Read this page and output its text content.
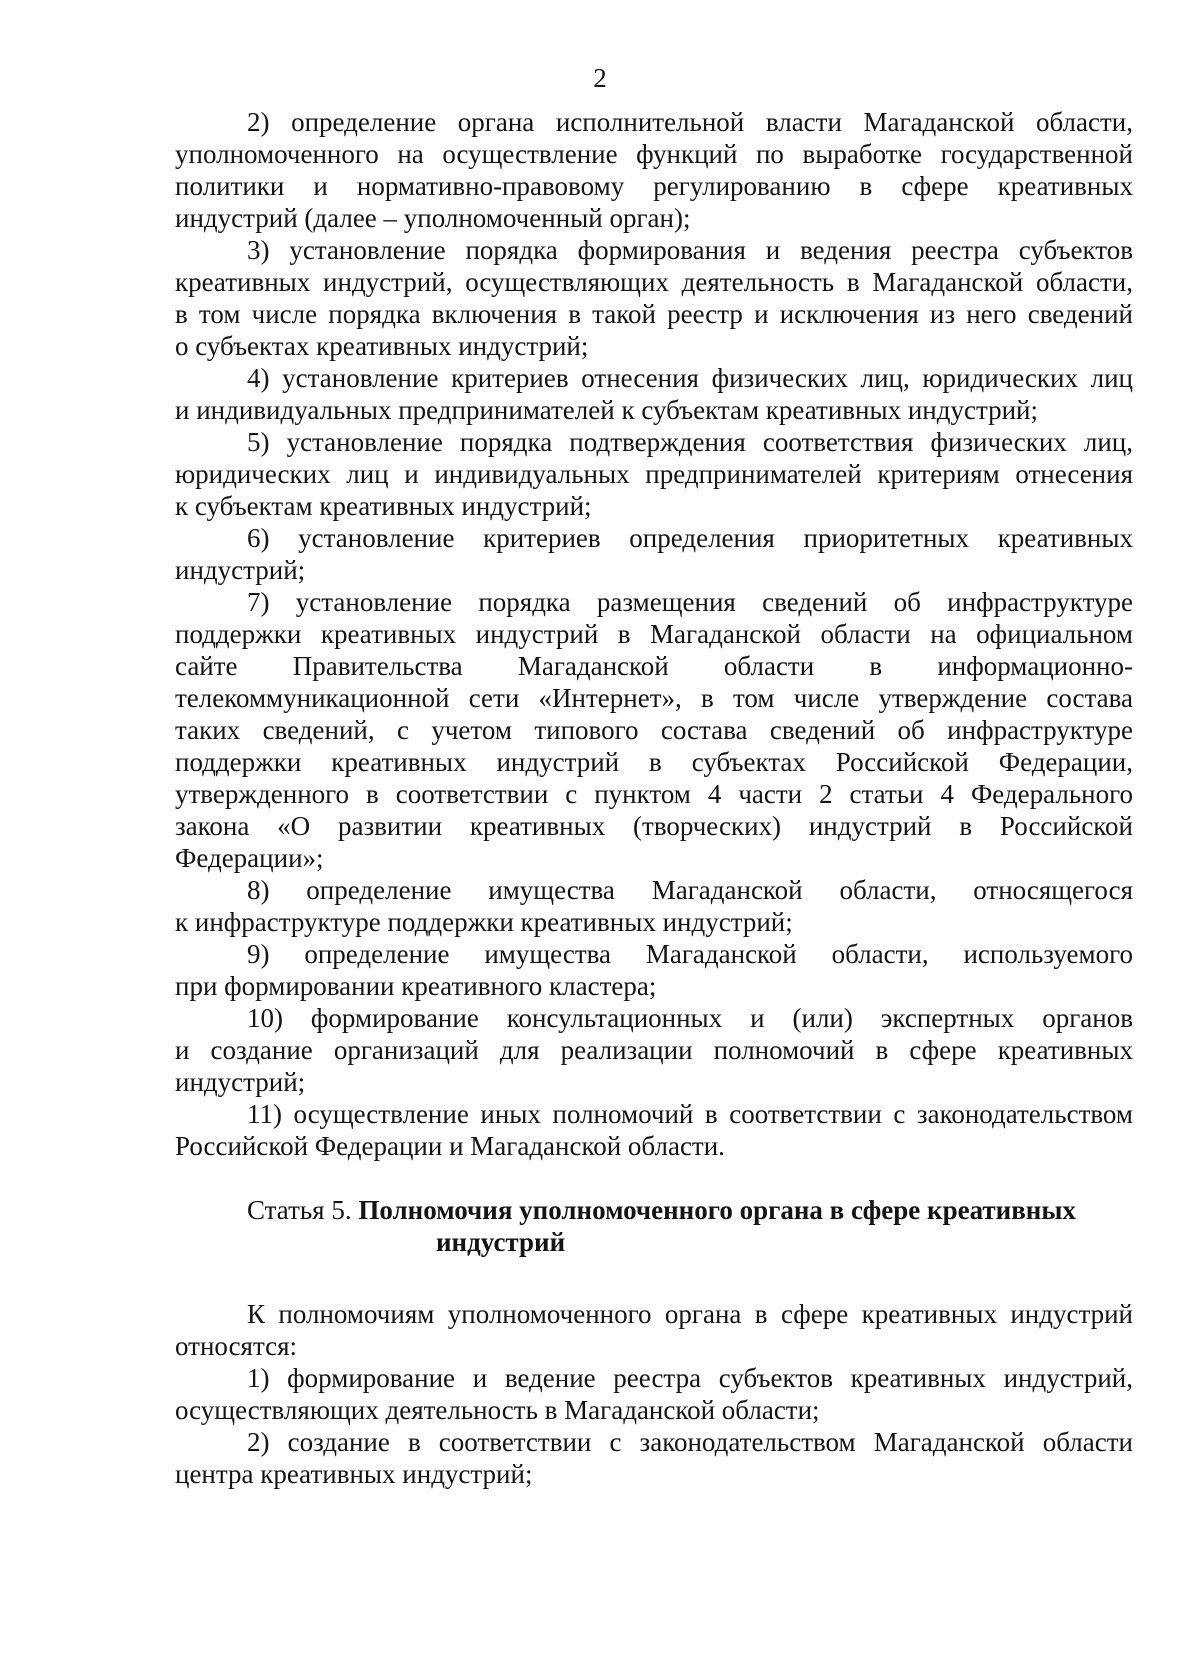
2

2) определение органа исполнительной власти Магаданской области,
уполномоченного на осуществление функций по выработке государственной
политики и нормативно-правовому регулированию в сфере креативных
индустрий (далее – уполномоченный орган);

3) установление порядка формирования и ведения реестра субъектов
креативных индустрий, осуществляющих деятельность в Магаданской области,
в том числе порядка включения в такой реестр и исключения из него сведений
о субъектах креативных индустрий;

4) установление критериев отнесения физических лиц, юридических лиц
и индивидуальных предпринимателей к субъектам креативных индустрий;

5) установление порядка подтверждения соответствия физических лиц,
юридических лиц и индивидуальных предпринимателей критериям отнесения
к субъектам креативных индустрий;

6) установление критериев определения приоритетных креативных
индустрий;

7) установление порядка размещения сведений об инфраструктуре
поддержки креативных индустрий в Магаданской области на официальном
сайте Правительства Магаданской области в информационно-
телекоммуникационной сети «Интернет», в том числе утверждение состава
таких сведений, с учетом типового состава сведений об инфраструктуре
поддержки креативных индустрий в субъектах Российской Федерации,
утвержденного в соответствии с пунктом 4 части 2 статьи 4 Федерального
закона «О развитии креативных (творческих) индустрий в Российской
Федерации»;

8) определение имущества Магаданской области, относящегося
к инфраструктуре поддержки креативных индустрий;

9) определение имущества Магаданской области, используемого
при формировании креативного кластера;

10) формирование консультационных и (или) экспертных органов
и создание организаций для реализации полномочий в сфере креативных
индустрий;

11) осуществление иных полномочий в соответствии с законодательством
Российской Федерации и Магаданской области.

Статья 5. Полномочия уполномоченного органа в сфере креативных
индустрий

К полномочиям уполномоченного органа в сфере креативных индустрий
относятся:

1) формирование и ведение реестра субъектов креативных индустрий,
осуществляющих деятельность в Магаданской области;

2) создание в соответствии с законодательством Магаданской области
центра креативных индустрий;
